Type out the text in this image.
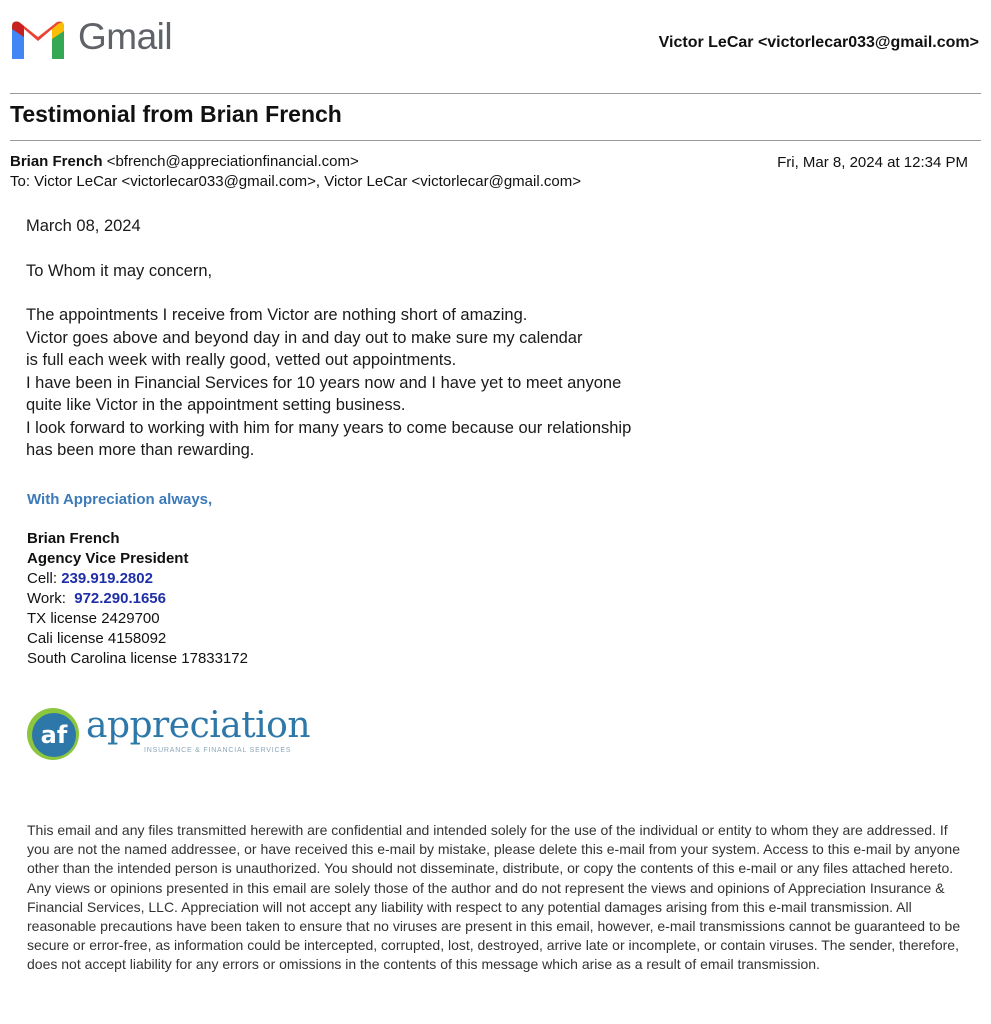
Gmail	Victor LeCar <victorlecar033@gmail.com>
Testimonial from Brian French
Brian French <bfrench@appreciationfinancial.com>
To: Victor LeCar <victorlecar033@gmail.com>, Victor LeCar <victorlecar@gmail.com>
Fri, Mar 8, 2024 at 12:34 PM

March 08, 2024

To Whom it may concern,

The appointments I receive from Victor are nothing short of amazing.

Victor goes above and beyond day in and day out to make sure my calendar

is full each week with really good, vetted out appointments.

I have been in Financial Services for 10 years now and I have yet to meet anyone

quite like Victor in the appointment setting business.

I look forward to working with him for many years to come because our relationship

has been more than rewarding.

With Appreciation always,
Brian French
Agency Vice President
Cell: 239.919.2802
Work:  972.290.1656
TX license 2429700
Cali license 4158092
South Carolina license 17833172
af appreciation
INSURANCE & FINANCIAL SERVICES
This email and any files transmitted herewith are confidential and intended solely for the use of the individual or entity to whom they are addressed. If you are not the named addressee, or have received this e-mail by mistake, please delete this e-mail from your system. Access to this e-mail by anyone other than the intended person is unauthorized. You should not disseminate, distribute, or copy the contents of this e-mail or any files attached hereto. Any views or opinions presented in this email are solely those of the author and do not represent the views and opinions of Appreciation Insurance & Financial Services, LLC. Appreciation will not accept any liability with respect to any potential damages arising from this e-mail transmission. All reasonable precautions have been taken to ensure that no viruses are present in this email, however, e-mail transmissions cannot be guaranteed to be secure or error-free, as information could be intercepted, corrupted, lost, destroyed, arrive late or incomplete, or contain viruses. The sender, therefore, does not accept liability for any errors or omissions in the contents of this message which arise as a result of email transmission.
